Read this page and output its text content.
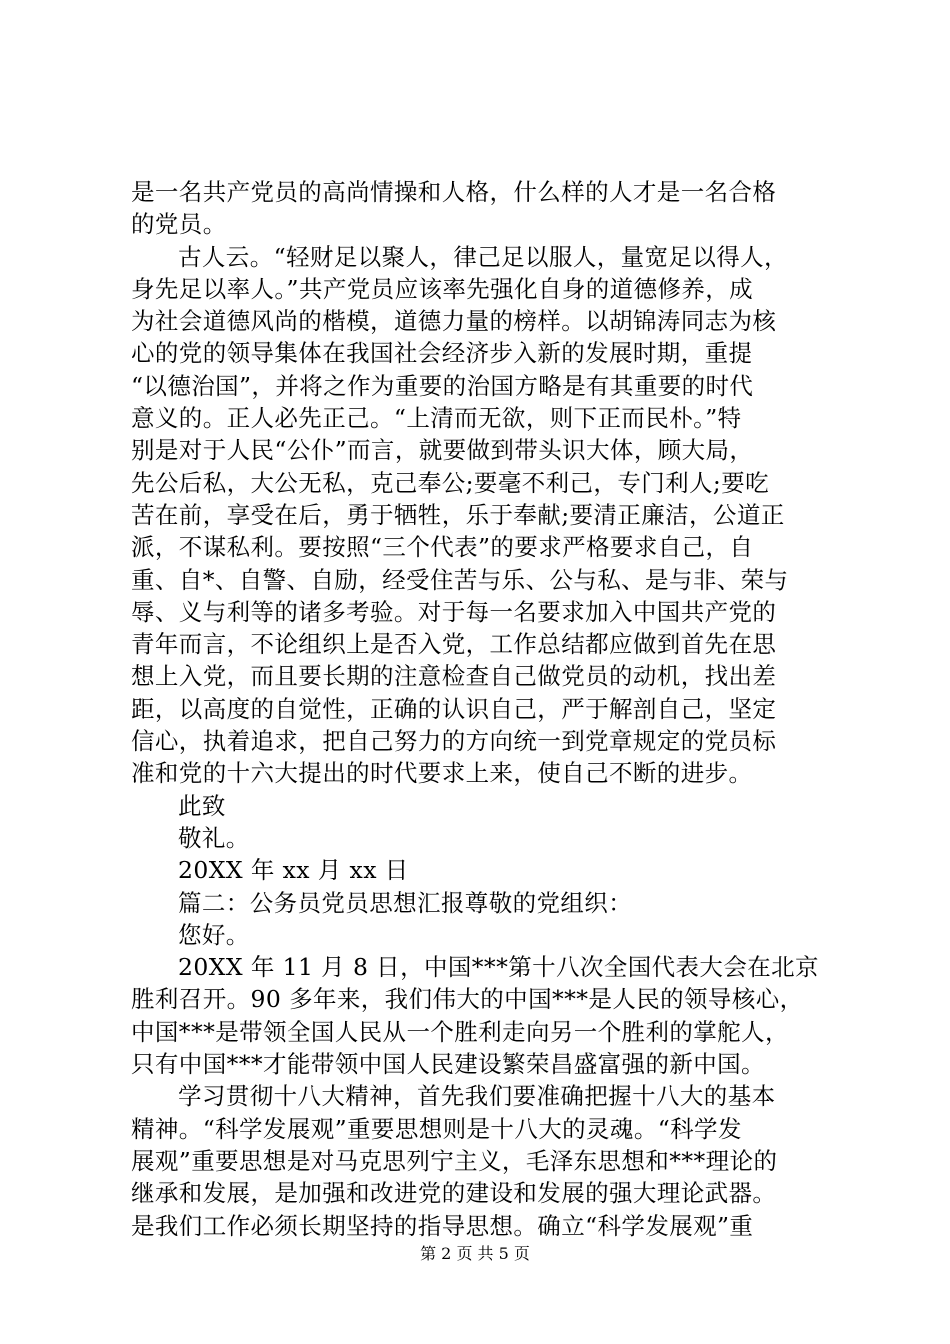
是一名共产党员的高尚情操和人格，什么样的人才是一名合格
的党员。
古人云。“轻财足以聚人，律己足以服人，量宽足以得人，
身先足以率人。”共产党员应该率先强化自身的道德修养，成
为社会道德风尚的楷模，道德力量的榜样。以胡锦涛同志为核
心的党的领导集体在我国社会经济步入新的发展时期，重提
“以德治国”，并将之作为重要的治国方略是有其重要的时代
意义的。正人必先正己。“上清而无欲，则下正而民朴。”特
别是对于人民“公仆”而言，就要做到带头识大体，顾大局，
先公后私，大公无私，克己奉公;要毫不利己，专门利人;要吃
苦在前，享受在后，勇于牺牲，乐于奉献;要清正廉洁，公道正
派，不谋私利。要按照“三个代表”的要求严格要求自己，自
重、自*、自警、自励，经受住苦与乐、公与私、是与非、荣与
辱、义与利等的诸多考验。对于每一名要求加入中国共产党的
青年而言，不论组织上是否入党，工作总结都应做到首先在思
想上入党，而且要长期的注意检查自己做党员的动机，找出差
距，以高度的自觉性，正确的认识自己，严于解剖自己，坚定
信心，执着追求，把自己努力的方向统一到党章规定的党员标
准和党的十六大提出的时代要求上来，使自己不断的进步。
此致
敬礼。
20XX 年 xx 月 xx 日
篇二：公务员党员思想汇报尊敬的党组织：
您好。
20XX 年 11 月 8 日，中国***第十八次全国代表大会在北京
胜利召开。90 多年来，我们伟大的中国***是人民的领导核心，
中国***是带领全国人民从一个胜利走向另一个胜利的掌舵人，
只有中国***才能带领中国人民建设繁荣昌盛富强的新中国。
学习贯彻十八大精神，首先我们要准确把握十八大的基本
精神。“科学发展观”重要思想则是十八大的灵魂。“科学发
展观”重要思想是对马克思列宁主义，毛泽东思想和***理论的
继承和发展，是加强和改进党的建设和发展的强大理论武器。
是我们工作必须长期坚持的指导思想。确立“科学发展观”重
第 2 页 共 5 页
